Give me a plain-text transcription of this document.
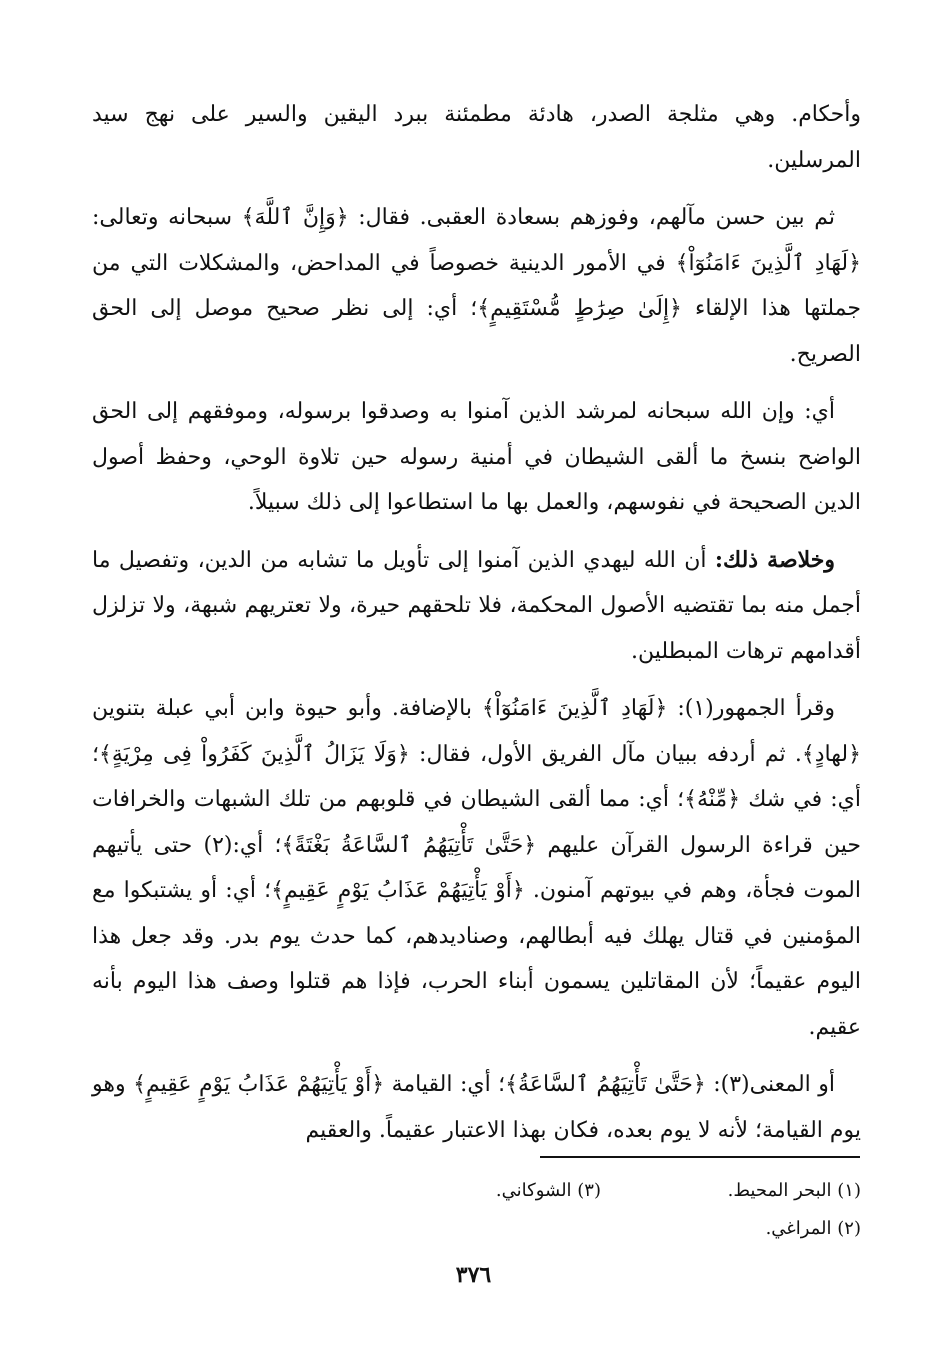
وأحكام. وهي مثلجة الصدر، هادئة مطمئنة ببرد اليقين والسير على نهج سيد المرسلين.

ثم بين حسن مآلهم، وفوزهم بسعادة العقبى. فقال: ﴿وَإِنَّ ٱللَّهَ﴾ سبحانه وتعالى: ﴿لَهَادِ ٱلَّذِينَ ءَامَنُوٓاْ﴾ في الأمور الدينية خصوصاً في المداحض، والمشكلات التي من جملتها هذا الإلقاء ﴿إِلَىٰ صِرَٰطٍ مُّسْتَقِيمٍ﴾؛ أي: إلى نظر صحيح موصل إلى الحق الصريح.

أي: وإن الله سبحانه لمرشد الذين آمنوا به وصدقوا برسوله، وموفقهم إلى الحق الواضح بنسخ ما ألقى الشيطان في أمنية رسوله حين تلاوة الوحي، وحفظ أصول الدين الصحيحة في نفوسهم، والعمل بها ما استطاعوا إلى ذلك سبيلاً.

وخلاصة ذلك: أن الله ليهدي الذين آمنوا إلى تأويل ما تشابه من الدين، وتفصيل ما أجمل منه بما تقتضيه الأصول المحكمة، فلا تلحقهم حيرة، ولا تعتريهم شبهة، ولا تزلزل أقدامهم ترهات المبطلين.

وقرأ الجمهور(١): ﴿لَهَادِ ٱلَّذِينَ ءَامَنُوٓاْ﴾ بالإضافة. وأبو حيوة وابن أبي عبلة بتنوين ﴿لهادٍ﴾. ثم أردفه ببيان مآل الفريق الأول، فقال: ﴿وَلَا يَزَالُ ٱلَّذِينَ كَفَرُواْ فِى مِرْيَةٍ﴾؛ أي: في شك ﴿مِّنْهُ﴾؛ أي: مما ألقى الشيطان في قلوبهم من تلك الشبهات والخرافات حين قراءة الرسول القرآن عليهم ﴿حَتَّىٰ تَأْتِيَهُمُ ٱلسَّاعَةُ بَغْتَةً﴾؛ أي:(٢) حتى يأتيهم الموت فجأة، وهم في بيوتهم آمنون. ﴿أَوْ يَأْتِيَهُمْ عَذَابُ يَوْمٍ عَقِيمٍ﴾؛ أي: أو يشتبكوا مع المؤمنين في قتال يهلك فيه أبطالهم، وصناديدهم، كما حدث يوم بدر. وقد جعل هذا اليوم عقيماً؛ لأن المقاتلين يسمون أبناء الحرب، فإذا هم قتلوا وصف هذا اليوم بأنه عقيم.

أو المعنى(٣): ﴿حَتَّىٰ تَأْتِيَهُمُ ٱلسَّاعَةُ﴾؛ أي: القيامة ﴿أَوْ يَأْتِيَهُمْ عَذَابُ يَوْمٍ عَقِيمٍ﴾ وهو يوم القيامة؛ لأنه لا يوم بعده، فكان بهذا الاعتبار عقيماً. والعقيم

(١) البحر المحيط.
(٣) الشوكاني.
(٢) المراغي.
٣٧٦
